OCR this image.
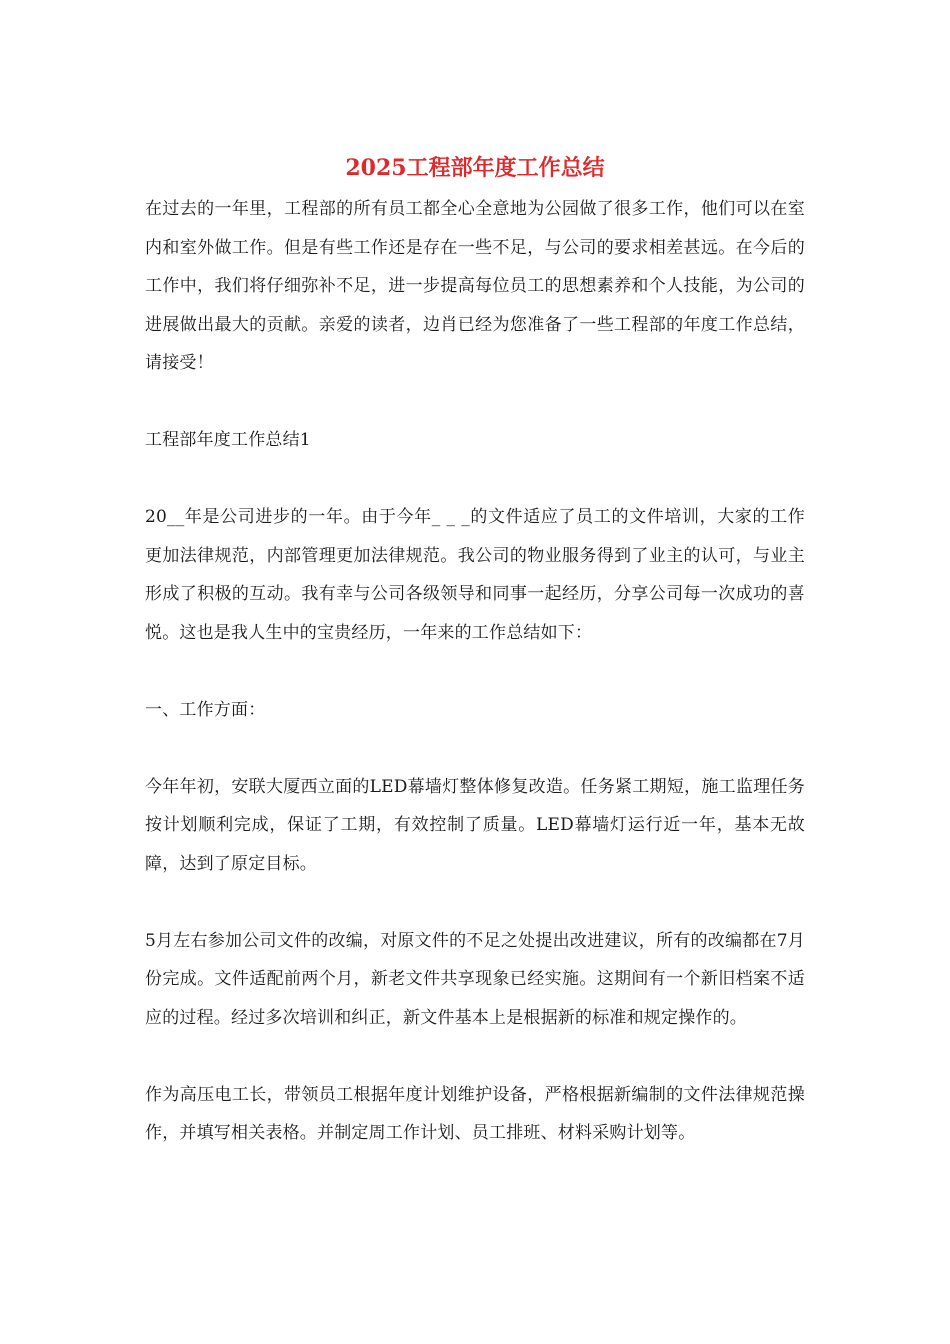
2025工程部年度工作总结

在过去的一年里，工程部的所有员工都全心全意地为公园做了很多工作，他们可以在室内和室外做工作。但是有些工作还是存在一些不足，与公司的要求相差甚远。在今后的工作中，我们将仔细弥补不足，进一步提高每位员工的思想素养和个人技能，为公司的进展做出最大的贡献。亲爱的读者，边肖已经为您准备了一些工程部的年度工作总结，请接受！

工程部年度工作总结1

20__年是公司进步的一年。由于今年_ _ _的文件适应了员工的文件培训，大家的工作更加法律规范，内部管理更加法律规范。我公司的物业服务得到了业主的认可，与业主形成了积极的互动。我有幸与公司各级领导和同事一起经历，分享公司每一次成功的喜悦。这也是我人生中的宝贵经历，一年来的工作总结如下：

一、工作方面：

今年年初，安联大厦西立面的LED幕墙灯整体修复改造。任务紧工期短，施工监理任务按计划顺利完成，保证了工期，有效控制了质量。LED幕墙灯运行近一年，基本无故障，达到了原定目标。

5月左右参加公司文件的改编，对原文件的不足之处提出改进建议，所有的改编都在7月份完成。文件适配前两个月，新老文件共享现象已经实施。这期间有一个新旧档案不适应的过程。经过多次培训和纠正，新文件基本上是根据新的标准和规定操作的。

作为高压电工长，带领员工根据年度计划维护设备，严格根据新编制的文件法律规范操作，并填写相关表格。并制定周工作计划、员工排班、材料采购计划等。
